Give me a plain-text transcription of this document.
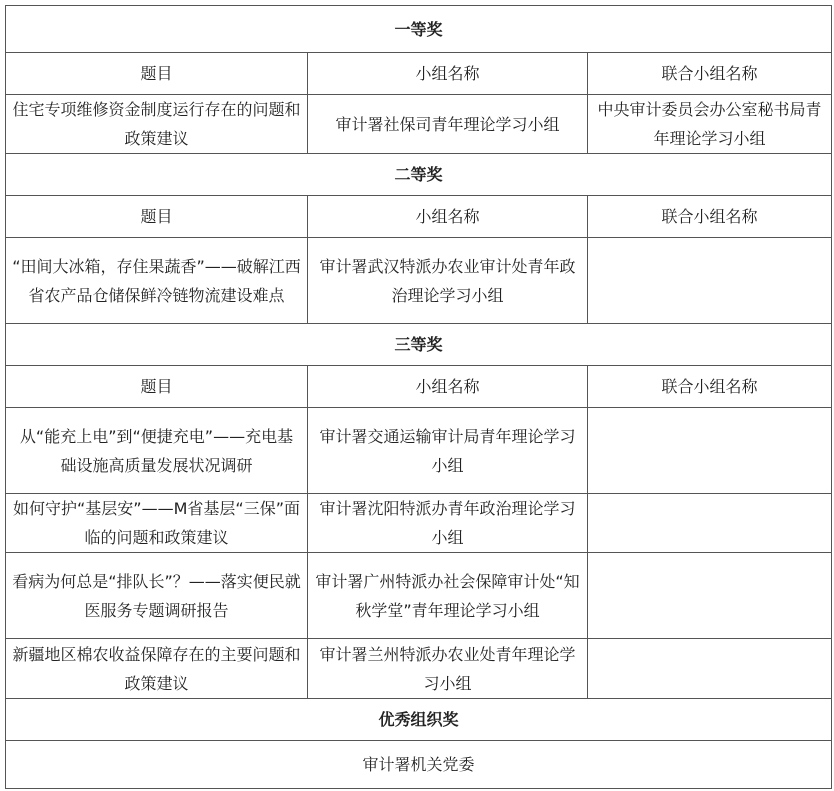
一等奖		
题目	小组名称	联合小组名称
住宅专项维修资金制度运行存在的问题和政策建议	审计署社保司青年理论学习小组	中央审计委员会办公室秘书局青年理论学习小组
二等奖		
题目	小组名称	联合小组名称
“田间大冰箱，存住果蔬香”——破解江西省农产品仓储保鲜冷链物流建设难点	审计署武汉特派办农业审计处青年政治理论学习小组	
三等奖		
题目	小组名称	联合小组名称
从“能充上电”到“便捷充电”——充电基础设施高质量发展状况调研	审计署交通运输审计局青年理论学习小组	
如何守护“基层安”——M省基层“三保”面临的问题和政策建议	审计署沈阳特派办青年政治理论学习小组	
看病为何总是“排队长”？——落实便民就医服务专题调研报告	审计署广州特派办社会保障审计处“知秋学堂”青年理论学习小组	
新疆地区棉农收益保障存在的主要问题和政策建议	审计署兰州特派办农业处青年理论学习小组	
优秀组织奖		
审计署机关党委		
